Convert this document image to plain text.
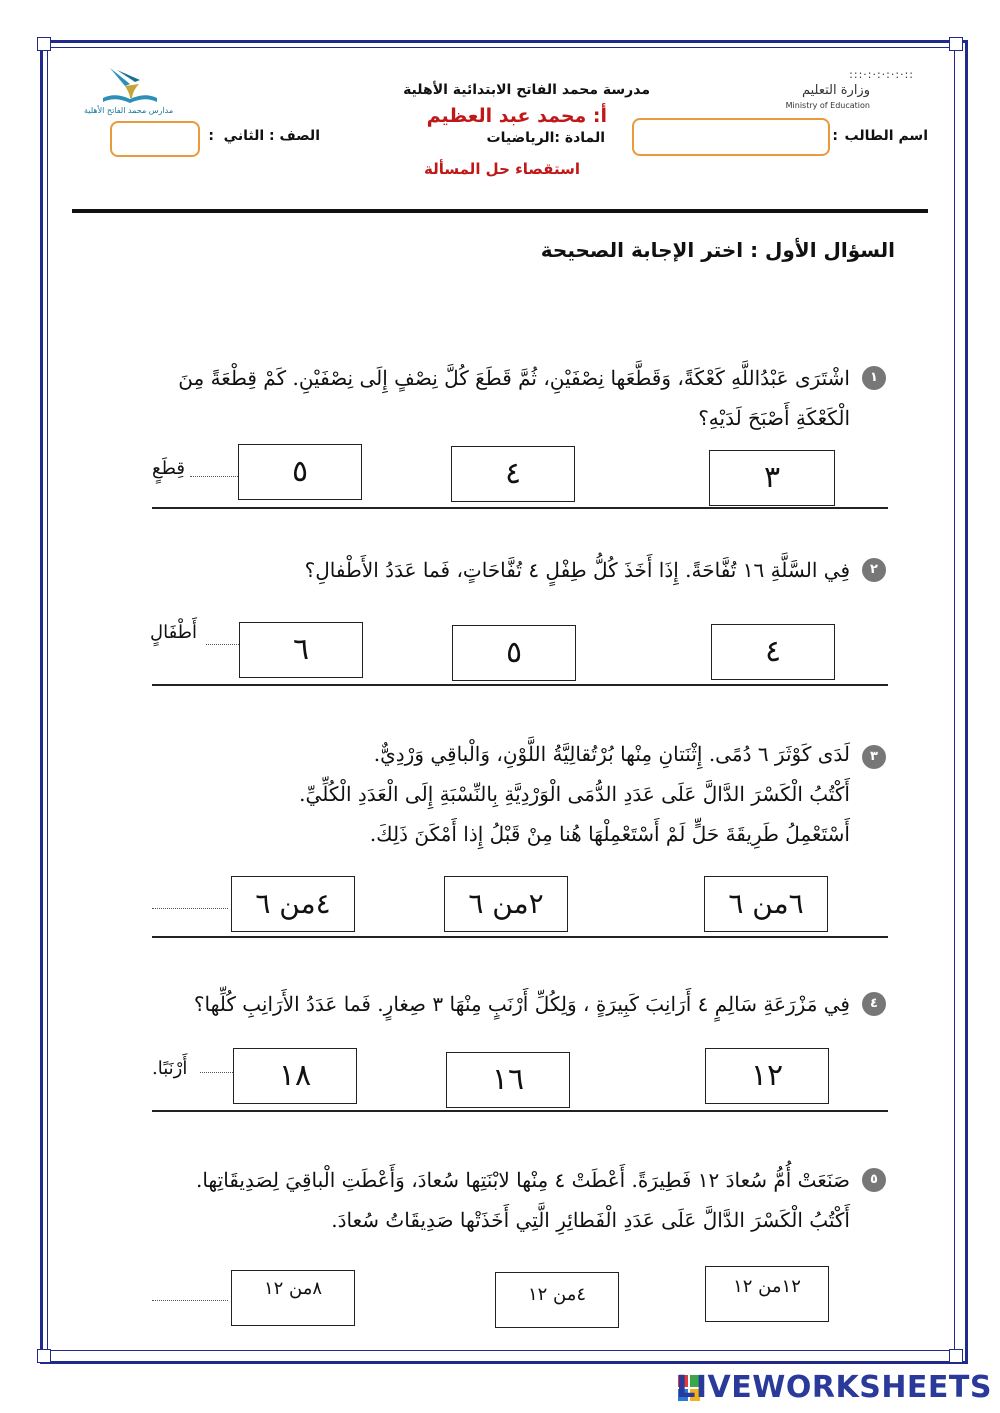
مدارس محمد الفاتح الأهلية
:::·:·:·:·:·::
وزارة التعليم
Ministry of Education
مدرسة محمد الفاتح الابتدائية الأهلية
أ: محمد عبد العظيم
المادة :الرياضيات
استقصاء حل المسألة
اسم الطالب
:
الصف : الثاني
:
السؤال الأول : اختر الإجابة الصحيحة
١
اشْتَرَى عَبْدُاللَّهِ كَعْكَةً، وَقَطَّعَها نِصْفَيْنِ، ثُمَّ قَطَعَ كُلَّ نِصْفٍ إِلَى نِصْفَيْنِ. كَمْ قِطْعَةً مِنَ
الْكَعْكَةِ أَصْبَحَ لَدَيْهِ؟
٣
٤
٥
قِطَعٍ
٢
فِي السَّلَّةِ ١٦ تُفَّاحَةً. إِذَا أَخَذَ كُلُّ طِفْلٍ ٤ تُفَّاحَاتٍ، فَما عَدَدُ الأَطْفالِ؟
٤
٥
٦
أَطْفَالٍ
٣
لَدَى كَوْثَرَ ٦ دُمًى. إِثْنَتانِ مِنْها بُرْتُقالِيَّةُ اللَّوْنِ، وَالْباقِي وَرْدِيٌّ.
أَكْتُبُ الْكَسْرَ الدَّالَّ عَلَى عَدَدِ الدُّمَى الْوَرْدِيَّةِ بِالنِّسْبَةِ إِلَى الْعَدَدِ الْكُلِّيِّ.
أَسْتَعْمِلُ طَرِيقَةَ حَلٍّ لَمْ أَسْتَعْمِلْهَا هُنا مِنْ قَبْلُ إِذا أَمْكَنَ ذَلِكَ.
٦من ٦
٢من ٦
٤من ٦
٤
فِي مَزْرَعَةِ سَالِمٍ ٤ أَرَانِبَ كَبِيرَةٍ ، وَلِكُلِّ أَرْنَبٍ مِنْهَا ٣ صِغارٍ. فَما عَدَدُ الأَرَانِبِ كُلِّها؟
١٢
١٦
١٨
أَرْنَبًا.
٥
صَنَعَتْ أُمُّ سُعادَ ١٢ فَطِيرَةً. أَعْطَتْ ٤ مِنْها لابْنَتِها سُعادَ، وَأَعْطَتِ الْباقِيَ لِصَدِيقَاتِها.
أَكْتُبُ الْكَسْرَ الدَّالَّ عَلَى عَدَدِ الْفَطائِرِ الَّتِي أَخَذَتْها صَدِيقَاتُ سُعادَ.
١٢من ١٢
٤من ١٢
٨من ١٢
LIVEWORKSHEETS
